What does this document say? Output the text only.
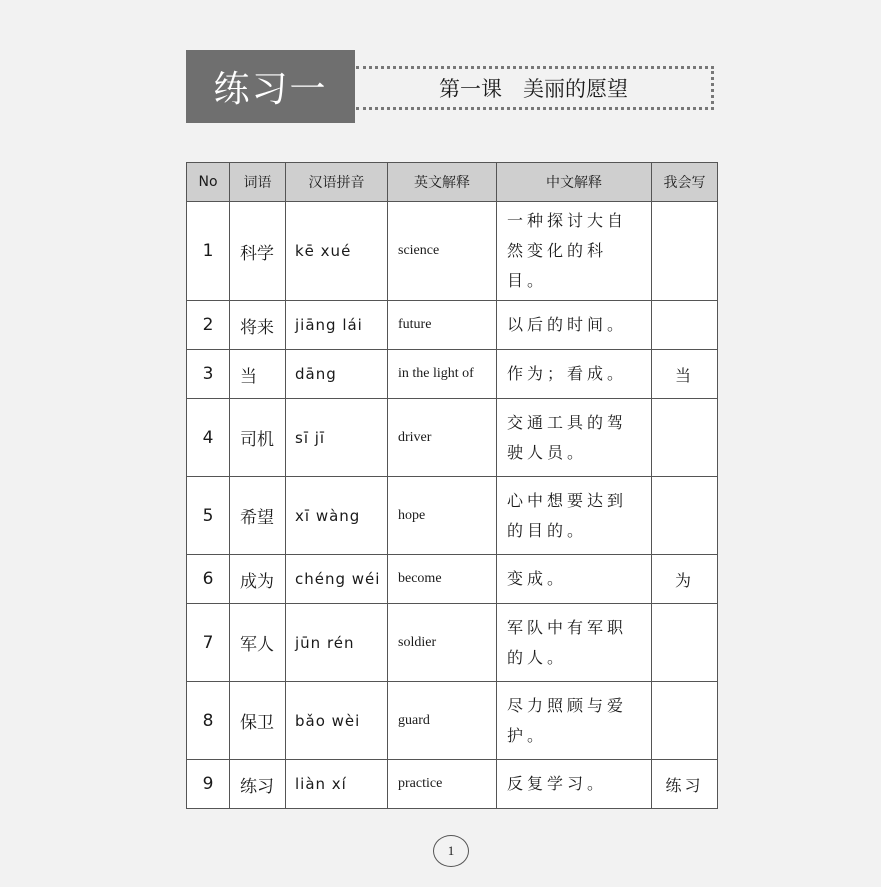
练习一	第一课　美丽的愿望
No	词语	汉语拼音	英文解释	中文解释	我会写
1	科学	kē xué	science	一种探讨大自然变化的科目。	
2	将来	jiāng lái	future	以后的时间。	
3	当	dāng	in the light of	作为；看成。	当
4	司机	sī jī	driver	交通工具的驾驶人员。	
5	希望	xī wàng	hope	心中想要达到的目的。	
6	成为	chéng wéi	become	变成。	为
7	军人	jūn rén	soldier	军队中有军职的人。	
8	保卫	bǎo wèi	guard	尽力照顾与爱护。	
9	练习	liàn xí	practice	反复学习。	练习
1
